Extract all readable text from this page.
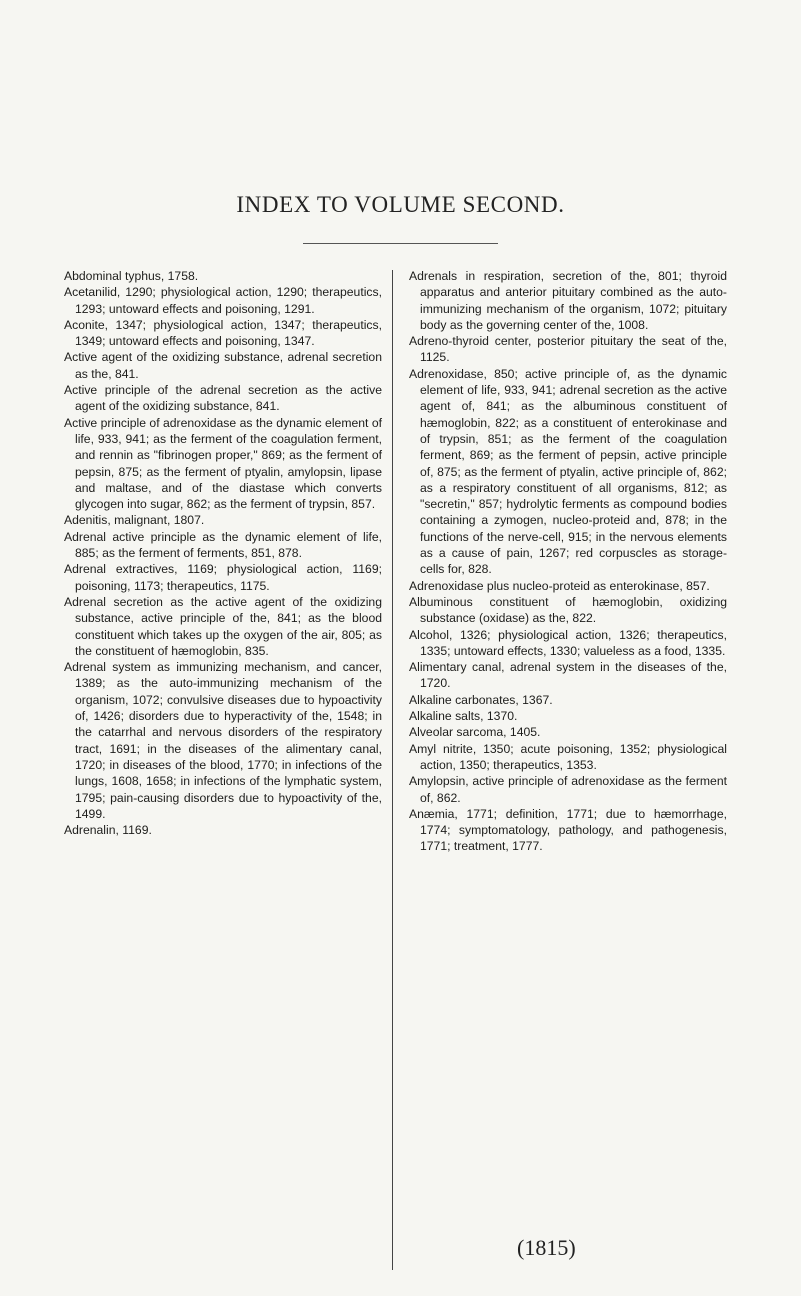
INDEX TO VOLUME SECOND.

Abdominal typhus, 1758.

Acetanilid, 1290; physiological action, 1290; therapeutics, 1293; untoward effects and poisoning, 1291.

Aconite, 1347; physiological action, 1347; therapeutics, 1349; untoward effects and poisoning, 1347.

Active agent of the oxidizing substance, adrenal secretion as the, 841.

Active principle of the adrenal secretion as the active agent of the oxidizing substance, 841.

Active principle of adrenoxidase as the dynamic element of life, 933, 941; as the ferment of the coagulation ferment, and rennin as "fibrinogen proper," 869; as the ferment of pepsin, 875; as the ferment of ptyalin, amylopsin, lipase and maltase, and of the diastase which converts glycogen into sugar, 862; as the ferment of trypsin, 857.

Adenitis, malignant, 1807.

Adrenal active principle as the dynamic element of life, 885; as the ferment of ferments, 851, 878.

Adrenal extractives, 1169; physiological action, 1169; poisoning, 1173; therapeutics, 1175.

Adrenal secretion as the active agent of the oxidizing substance, active principle of the, 841; as the blood constituent which takes up the oxygen of the air, 805; as the constituent of hæmoglobin, 835.

Adrenal system as immunizing mechanism, and cancer, 1389; as the auto-immunizing mechanism of the organism, 1072; convulsive diseases due to hypoactivity of, 1426; disorders due to hyperactivity of the, 1548; in the catarrhal and nervous disorders of the respiratory tract, 1691; in the diseases of the alimentary canal, 1720; in diseases of the blood, 1770; in infections of the lungs, 1608, 1658; in infections of the lymphatic system, 1795; pain-causing disorders due to hypoactivity of the, 1499.

Adrenalin, 1169.

Adrenals in respiration, secretion of the, 801; thyroid apparatus and anterior pituitary combined as the auto-immunizing mechanism of the organism, 1072; pituitary body as the governing center of the, 1008.

Adreno-thyroid center, posterior pituitary the seat of the, 1125.

Adrenoxidase, 850; active principle of, as the dynamic element of life, 933, 941; adrenal secretion as the active agent of, 841; as the albuminous constituent of hæmoglobin, 822; as a constituent of enterokinase and of trypsin, 851; as the ferment of the coagulation ferment, 869; as the ferment of pepsin, active principle of, 875; as the ferment of ptyalin, active principle of, 862; as a respiratory constituent of all organisms, 812; as "secretin," 857; hydrolytic ferments as compound bodies containing a zymogen, nucleo-proteid and, 878; in the functions of the nerve-cell, 915; in the nervous elements as a cause of pain, 1267; red corpuscles as storage-cells for, 828.

Adrenoxidase plus nucleo-proteid as enterokinase, 857.

Albuminous constituent of hæmoglobin, oxidizing substance (oxidase) as the, 822.

Alcohol, 1326; physiological action, 1326; therapeutics, 1335; untoward effects, 1330; valueless as a food, 1335.

Alimentary canal, adrenal system in the diseases of the, 1720.

Alkaline carbonates, 1367.

Alkaline salts, 1370.

Alveolar sarcoma, 1405.

Amyl nitrite, 1350; acute poisoning, 1352; physiological action, 1350; therapeutics, 1353.

Amylopsin, active principle of adrenoxidase as the ferment of, 862.

Anæmia, 1771; definition, 1771; due to hæmorrhage, 1774; symptomatology, pathology, and pathogenesis, 1771; treatment, 1777.

(1815)
